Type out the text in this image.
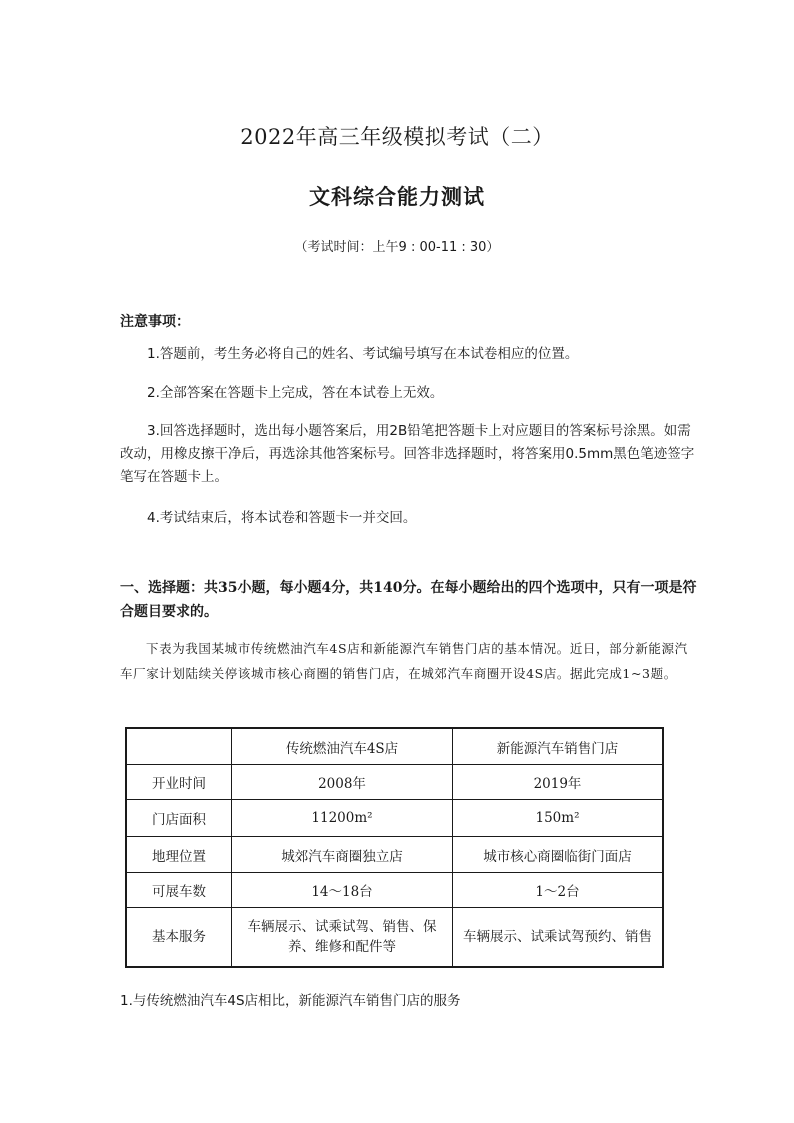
2022年高三年级模拟考试（二）
文科综合能力测试
（考试时间：上午9 : 00-11 : 30）
注意事项：
1.答题前，考生务必将自己的姓名、考试编号填写在本试卷相应的位置。
2.全部答案在答题卡上完成，答在本试卷上无效。
3.回答选择题时，选出每小题答案后，用2B铅笔把答题卡上对应题目的答案标号涂黑。如需改动，用橡皮擦干净后，再选涂其他答案标号。回答非选择题时，将答案用0.5mm黑色笔迹签字笔写在答题卡上。
4.考试结束后，将本试卷和答题卡一并交回。
一、选择题：共35小题，每小题4分，共140分。在每小题给出的四个选项中，只有一项是符合题目要求的。
下表为我国某城市传统燃油汽车4S店和新能源汽车销售门店的基本情况。近日，部分新能源汽车厂家计划陆续关停该城市核心商圈的销售门店，在城郊汽车商圈开设4S店。据此完成1~3题。
	传统燃油汽车4S店	新能源汽车销售门店
开业时间	2008年	2019年
门店面积	11200m²	150m²
地理位置	城郊汽车商圈独立店	城市核心商圈临街门面店
可展车数	14～18台	1～2台
基本服务	车辆展示、试乘试驾、销售、保养、维修和配件等	车辆展示、试乘试驾预约、销售
1.与传统燃油汽车4S店相比，新能源汽车销售门店的服务
